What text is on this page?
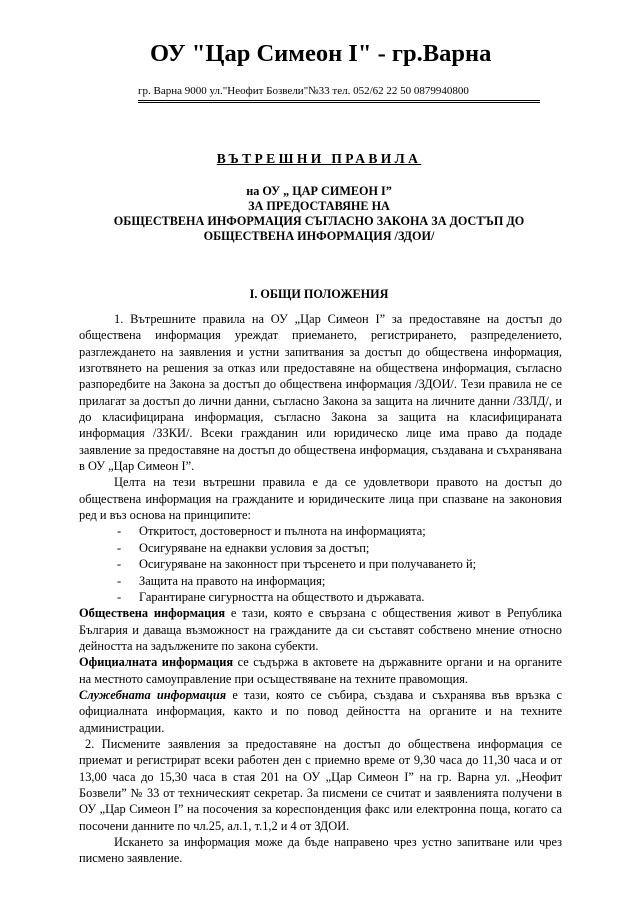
ОУ "Цар Симеон I" - гр.Варна
гр. Варна 9000 ул."Неофит Бозвели"№33 тел. 052/62 22 50 0879940800
ВЪТРЕШНИ ПРАВИЛА
на ОУ „ ЦАР СИМЕОН I”
ЗА ПРЕДОСТАВЯНЕ НА
ОБЩЕСТВЕНА ИНФОРМАЦИЯ СЪГЛАСНО ЗАКОНА ЗА ДОСТЪП ДО
ОБЩЕСТВЕНА ИНФОРМАЦИЯ /ЗДОИ/
I. ОБЩИ ПОЛОЖЕНИЯ

1. Вътрешните правила на ОУ „Цар Симеон I” за предоставяне на достъп до обществена информация уреждат приемането, регистрирането, разпределението, разглеждането на заявления и устни запитвания за достъп до обществена информация, изготвянето на решения за отказ или предоставяне на обществена информация, съгласно разпоредбите на Закона за достъп до обществена информация /ЗДОИ/. Тези правила не се прилагат за достъп до лични данни, съгласно Закона за защита на личните данни /ЗЗЛД/, и до класифицирана информация, съгласно Закона за защита на класифицираната информация /ЗЗКИ/. Всеки гражданин или юридическо лице има право да подаде заявление за предоставяне на достъп до обществена информация, създавана и съхранявана в ОУ „Цар Симеон I”.

Целта на тези вътрешни правила е да се удовлетвори правото на достъп до обществена информация на гражданите и юридическите лица при спазване на законовия ред и въз основа на принципите:

-	Откритост, достоверност и пълнота на информацията;
-	Осигуряване на еднакви условия за достъп;
-	Осигуряване на законност при търсенето и при получаването й;
-	Защита на правото на информация;
-	Гарантиране сигурността на обществото и държавата.

Обществена информация е тази, която е свързана с обществения живот в Република България и даваща възможност на гражданите да си съставят собствено мнение относно дейността на задължените по закона субекти.

Официалната информация се съдържа в актовете на държавните органи и на органите на местното самоуправление при осъществяване на техните правомощия.

Служебната информация е тази, която се събира, създава и съхранява във връзка с официалната информация, както и по повод дейността на органите и на техните администрации.

2. Писмените заявления за предоставяне на достъп до обществена информация се приемат и регистрират всеки работен ден с приемно време от 9,30 часа до 11,30 часа и от 13,00 часа до 15,30 часа в стая 201 на ОУ „Цар Симеон I” на гр. Варна ул. „Неофит Бозвели” № 33 от техническият секретар. За писмени се считат и заявленията получени в ОУ „Цар Симеон I” на посочения за кореспонденция факс или електронна поща, когато са посочени данните по чл.25, ал.1, т.1,2 и 4 от ЗДОИ.

Искането за информация може да бъде направено чрез устно запитване или чрез писмено заявление.
